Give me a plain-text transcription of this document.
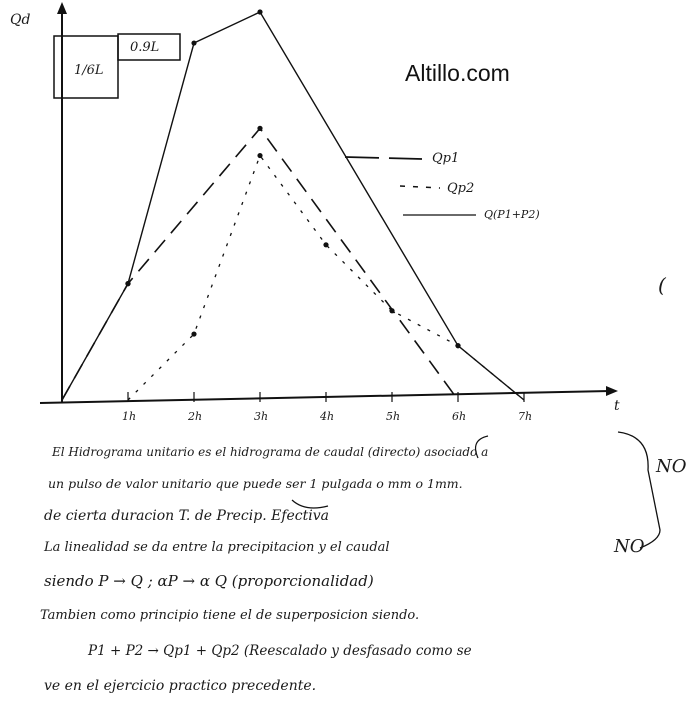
Qd
t
1/6L
0.9L
1h	2h	3h	4h	5h	6h	7h
Qp1
Qp2
Q(P1+P2)
(
Altillo.com
El Hidrograma unitario es el hidrograma de caudal (directo) asociado a
un pulso de valor unitario que puede ser 1 pulgada o mm o 1mm.
de cierta duracion T. de Precip. Efectiva
La linealidad se da entre la precipitacion y el caudal
siendo P → Q ; αP → α Q (proporcionalidad)
Tambien como principio tiene el de superposicion siendo.
P1 + P2 → Qp1 + Qp2 (Reescalado y desfasado como se
ve en el ejercicio practico precedente.
NO
NO
